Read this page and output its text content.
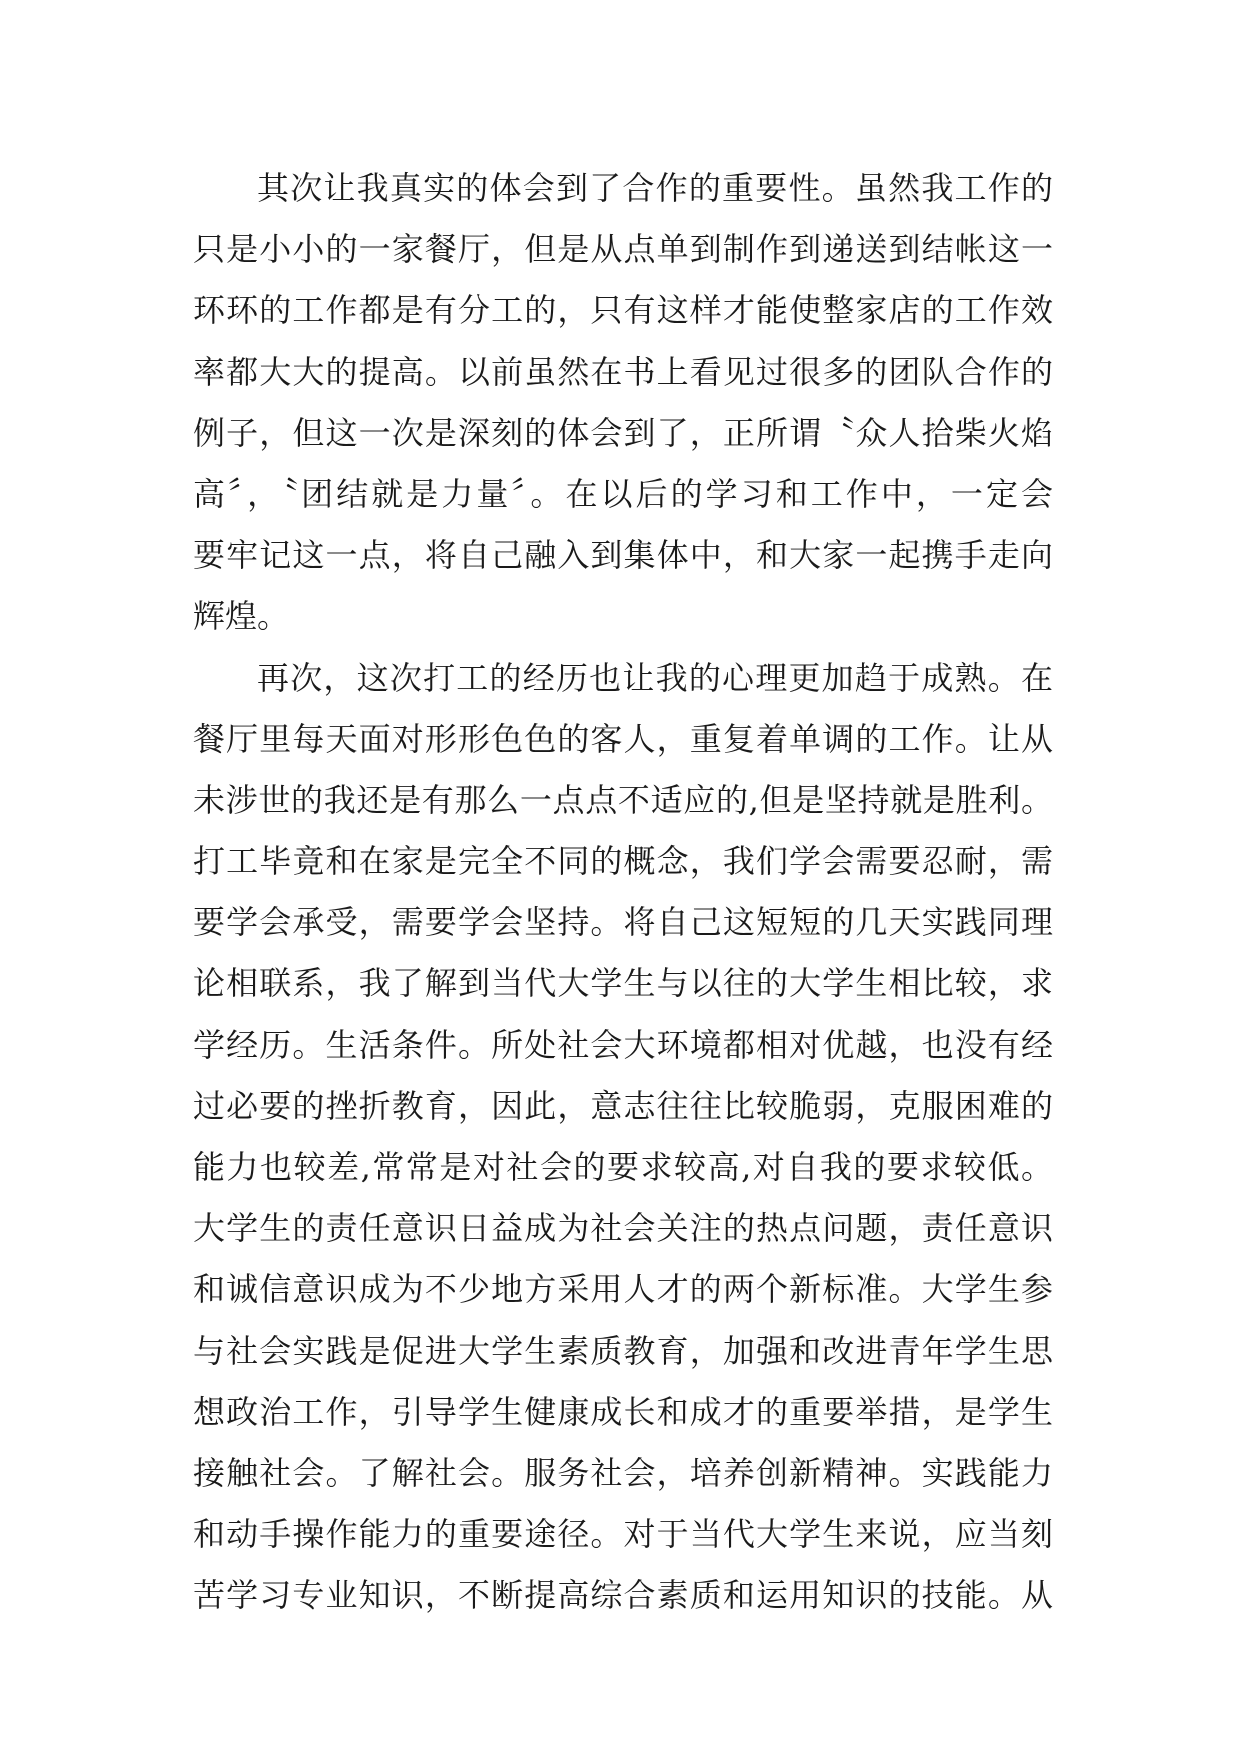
其次让我真实的体会到了合作的重要性。虽然我工作的
只是小小的一家餐厅，但是从点单到制作到递送到结帐这一
环环的工作都是有分工的，只有这样才能使整家店的工作效
率都大大的提高。以前虽然在书上看见过很多的团队合作的
例子，但这一次是深刻的体会到了，正所谓〝众人拾柴火焰
高〞，〝团结就是力量〞。在以后的学习和工作中，一定会
要牢记这一点，将自己融入到集体中，和大家一起携手走向
辉煌。
再次，这次打工的经历也让我的心理更加趋于成熟。在
餐厅里每天面对形形色色的客人，重复着单调的工作。让从
未涉世的我还是有那么一点点不适应的,但是坚持就是胜利。
打工毕竟和在家是完全不同的概念，我们学会需要忍耐，需
要学会承受，需要学会坚持。将自己这短短的几天实践同理
论相联系，我了解到当代大学生与以往的大学生相比较，求
学经历。生活条件。所处社会大环境都相对优越，也没有经
过必要的挫折教育，因此，意志往往比较脆弱，克服困难的
能力也较差,常常是对社会的要求较高,对自我的要求较低。
大学生的责任意识日益成为社会关注的热点问题，责任意识
和诚信意识成为不少地方采用人才的两个新标准。大学生参
与社会实践是促进大学生素质教育，加强和改进青年学生思
想政治工作，引导学生健康成长和成才的重要举措，是学生
接触社会。了解社会。服务社会，培养创新精神。实践能力
和动手操作能力的重要途径。对于当代大学生来说，应当刻
苦学习专业知识，不断提高综合素质和运用知识的技能。从
